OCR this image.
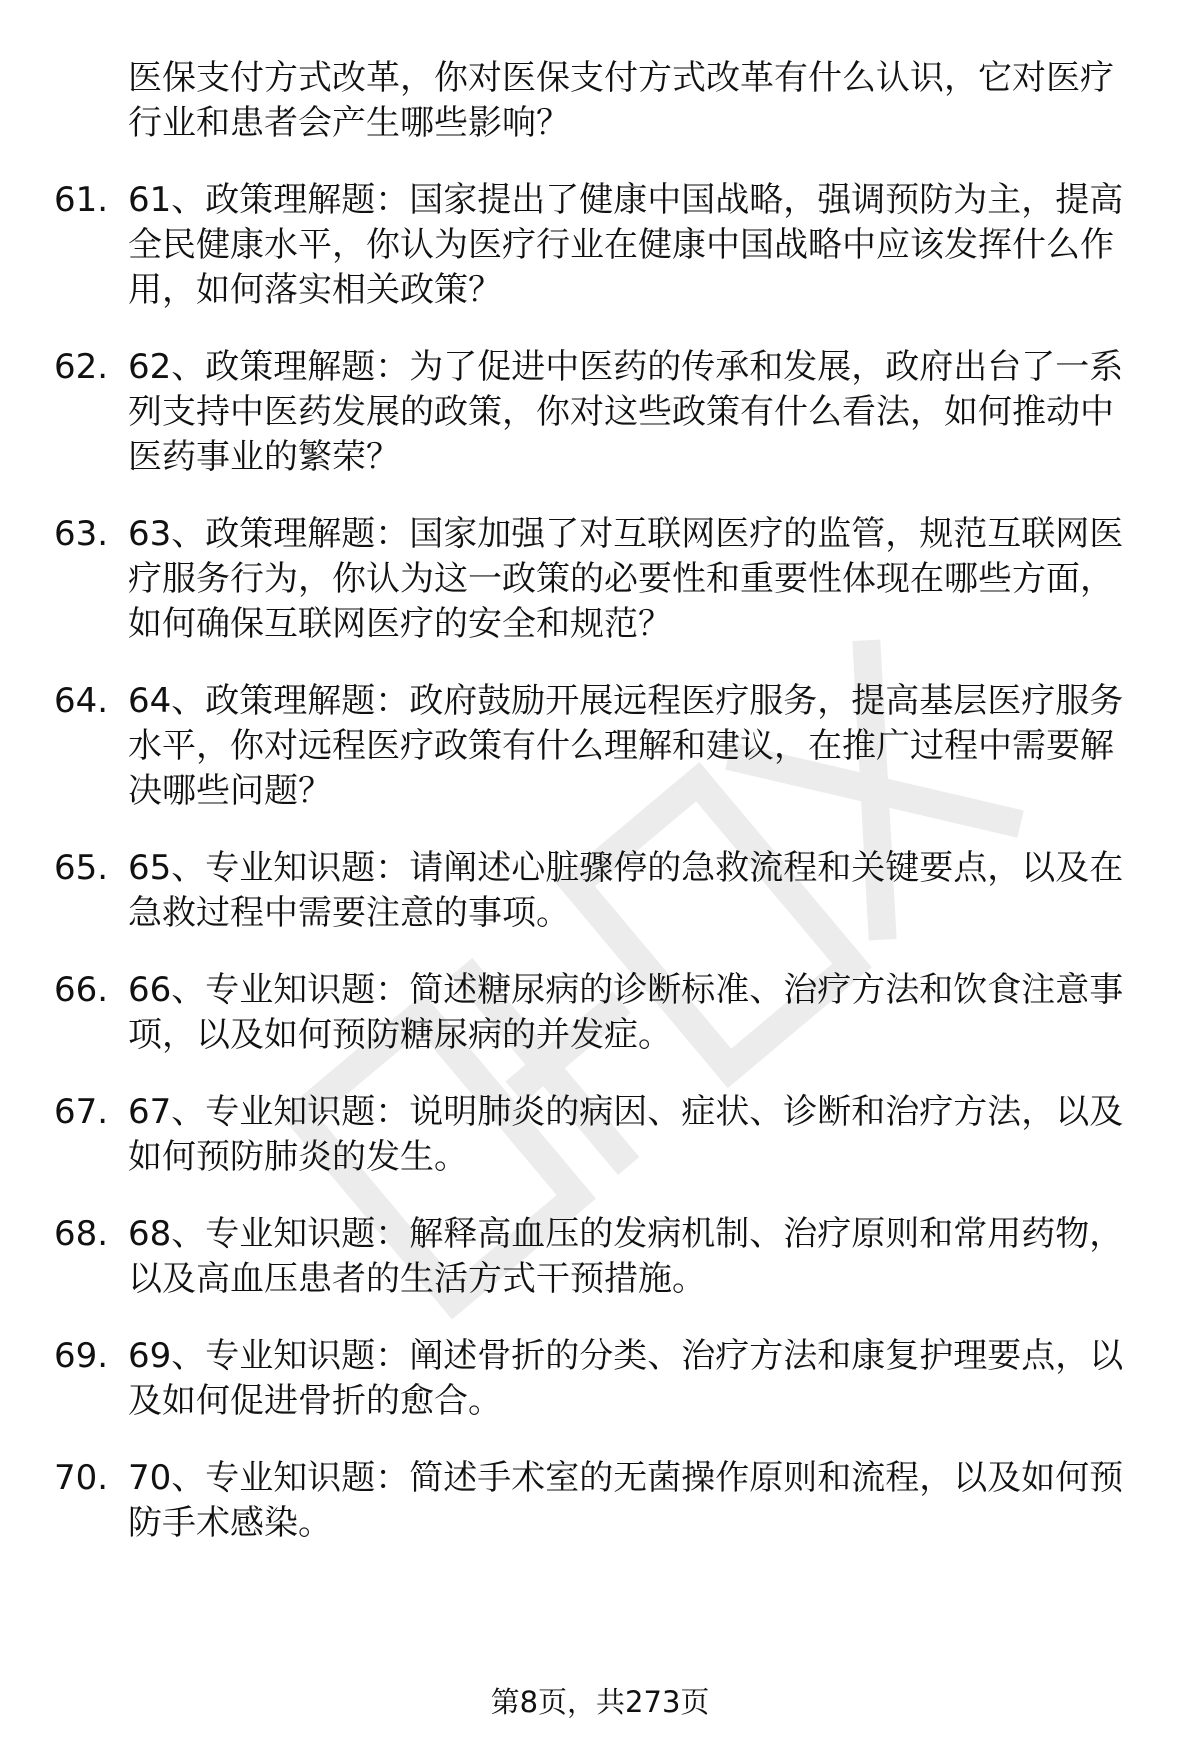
医保支付方式改革，你对医保支付方式改革有什么认识，它对医疗行业和患者会产生哪些影响？
61. 61、政策理解题：国家提出了健康中国战略，强调预防为主，提高全民健康水平，你认为医疗行业在健康中国战略中应该发挥什么作用，如何落实相关政策？
62. 62、政策理解题：为了促进中医药的传承和发展，政府出台了一系列支持中医药发展的政策，你对这些政策有什么看法，如何推动中医药事业的繁荣？
63. 63、政策理解题：国家加强了对互联网医疗的监管，规范互联网医疗服务行为，你认为这一政策的必要性和重要性体现在哪些方面，如何确保互联网医疗的安全和规范？
64. 64、政策理解题：政府鼓励开展远程医疗服务，提高基层医疗服务水平，你对远程医疗政策有什么理解和建议，在推广过程中需要解决哪些问题？
65. 65、专业知识题：请阐述心脏骤停的急救流程和关键要点，以及在急救过程中需要注意的事项。
66. 66、专业知识题：简述糖尿病的诊断标准、治疗方法和饮食注意事项，以及如何预防糖尿病的并发症。
67. 67、专业知识题：说明肺炎的病因、症状、诊断和治疗方法，以及如何预防肺炎的发生。
68. 68、专业知识题：解释高血压的发病机制、治疗原则和常用药物，以及高血压患者的生活方式干预措施。
69. 69、专业知识题：阐述骨折的分类、治疗方法和康复护理要点，以及如何促进骨折的愈合。
70. 70、专业知识题：简述手术室的无菌操作原则和流程，以及如何预防手术感染。
第8页，共273页
